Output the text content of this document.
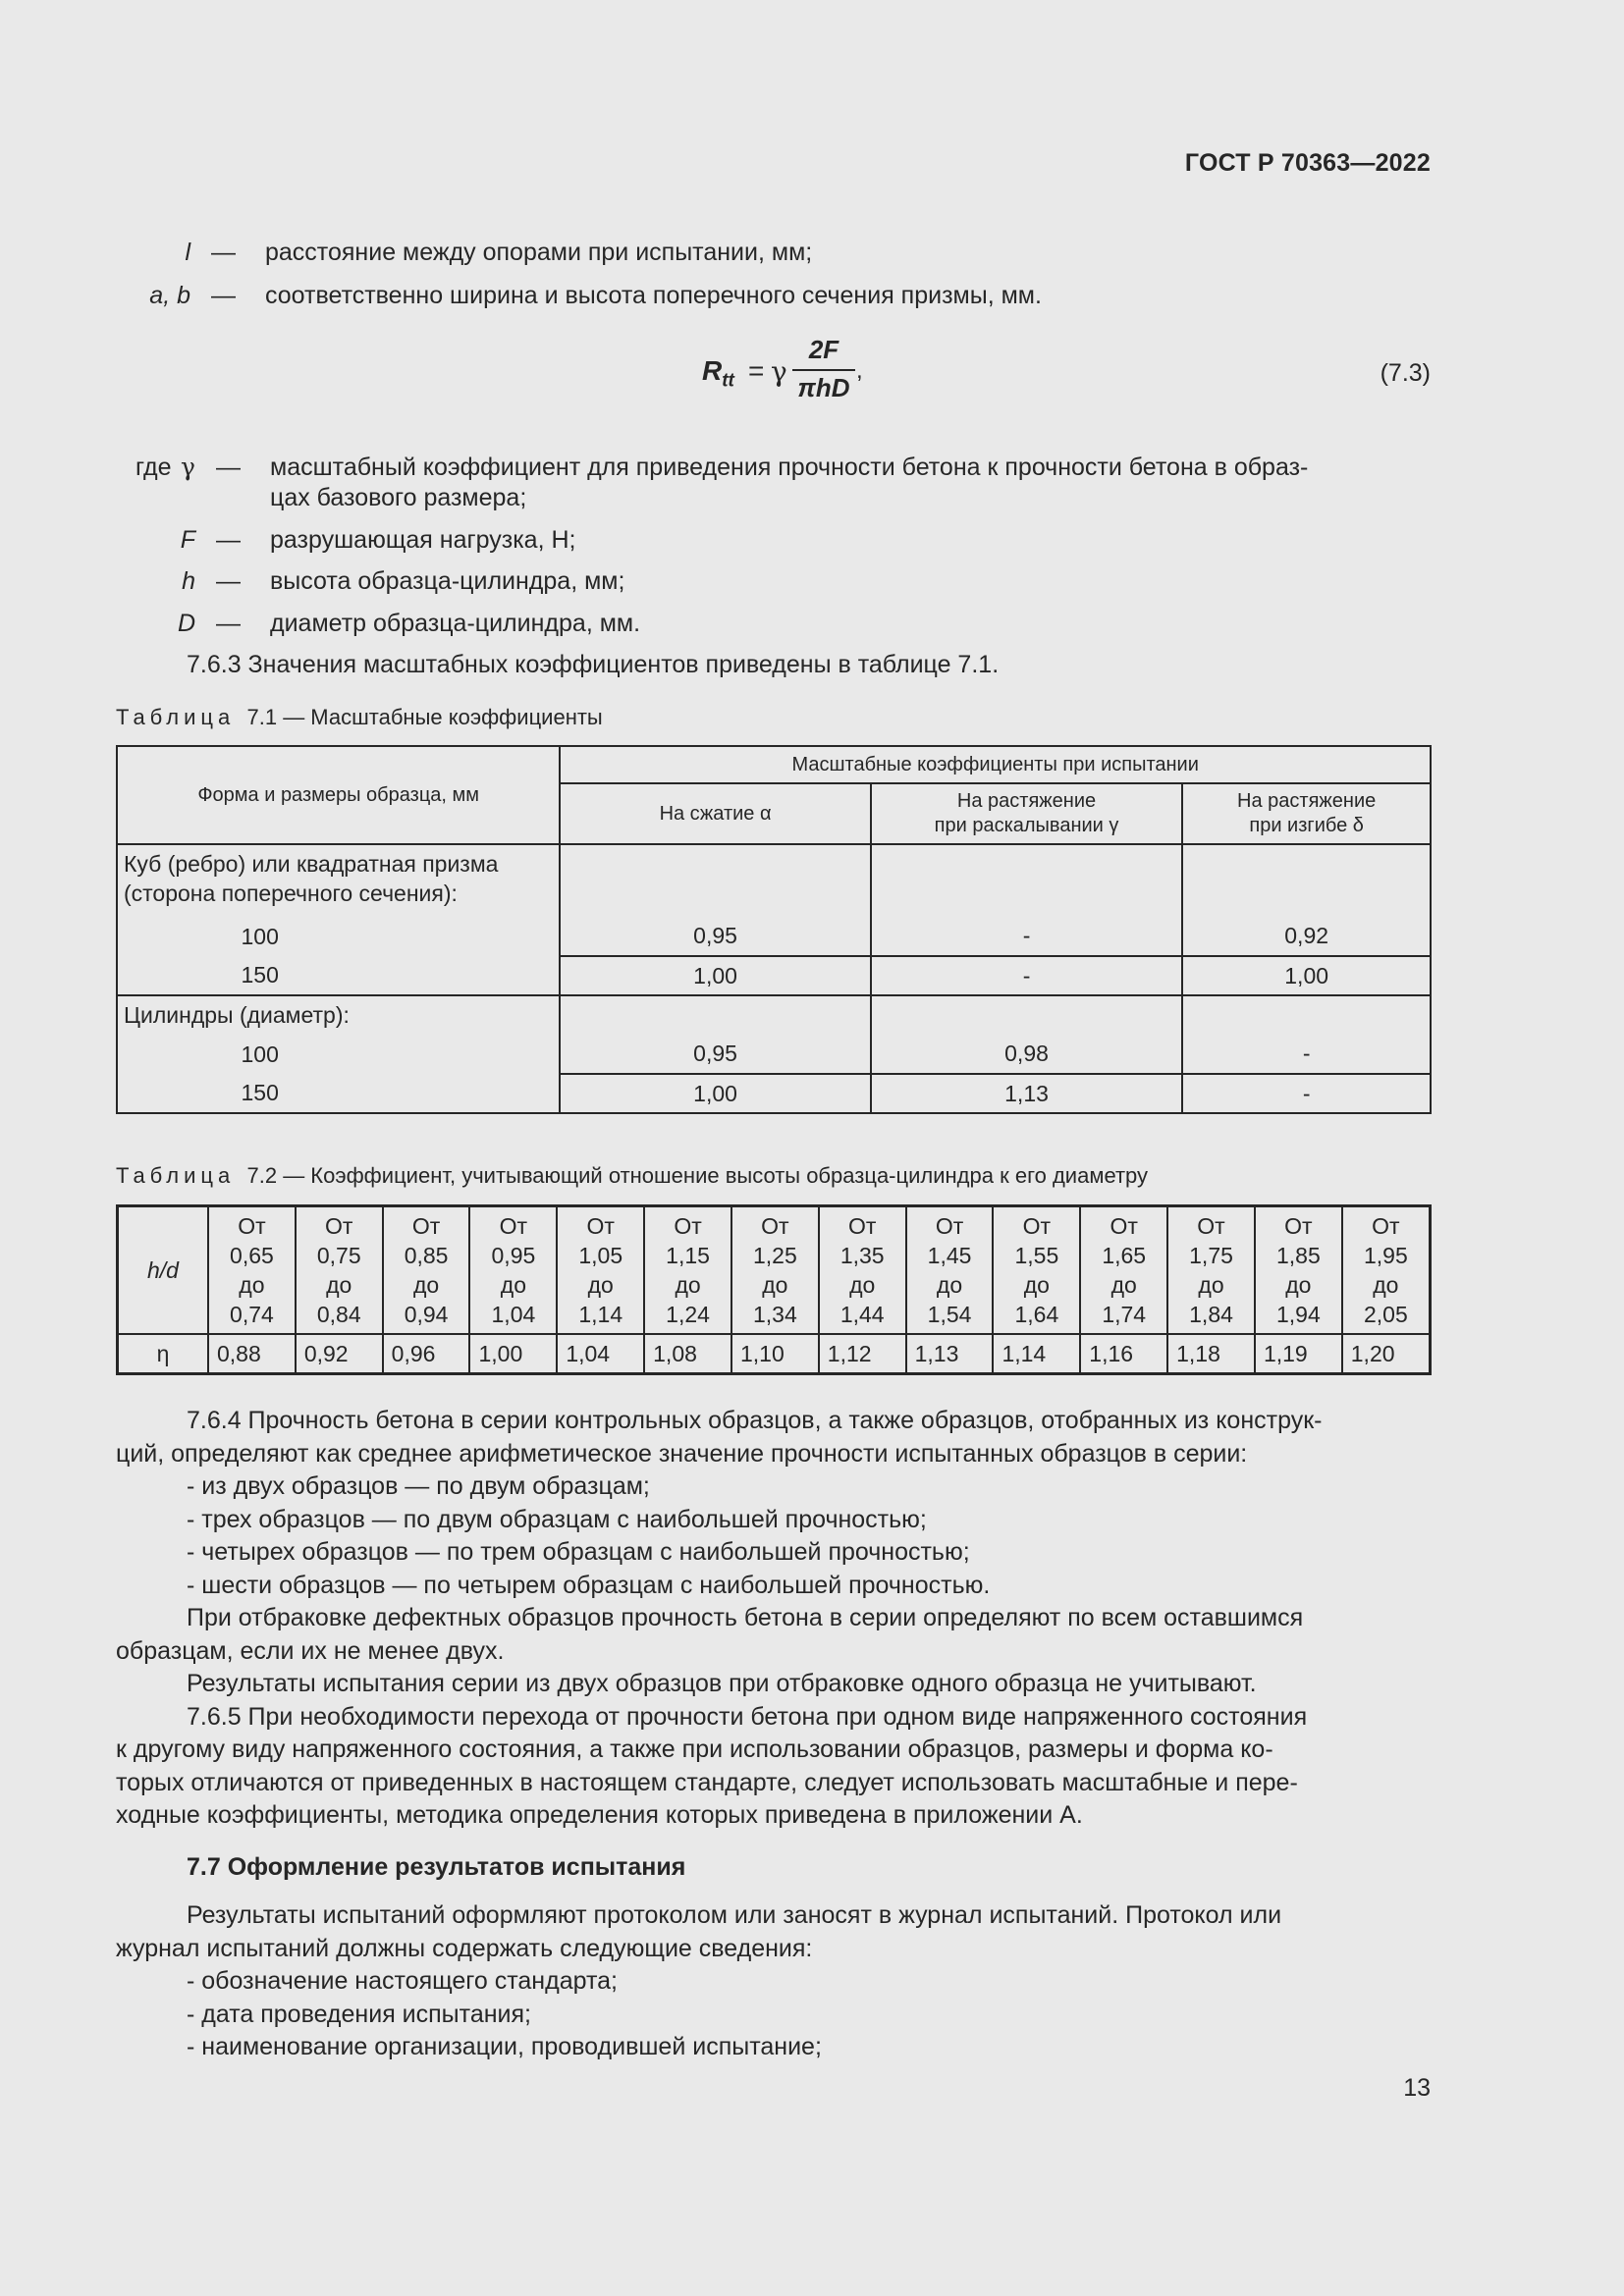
ГОСТ Р 70363—2022
l — расстояние между опорами при испытании, мм;
a, b — соответственно ширина и высота поперечного сечения призмы, мм.
$R_{tt} = \gamma$
2F
πhD
,	(7.3)
где γ — масштабный коэффициент для приведения прочности бетона к прочности бетона в образ-
цах базового размера;
F — разрушающая нагрузка, Н;
h — высота образца-цилиндра, мм;
D — диаметр образца-цилиндра, мм.
7.6.3 Значения масштабных коэффициентов приведены в таблице 7.1.
Таблица 7.1 — Масштабные коэффициенты
Форма и размеры образца, мм	Масштабные коэффициенты при испытании		
	На сжатие α	На растяжение
при раскалывании γ	На растяжение
при изгибе δ

Куб (ребро) или квадратная призма
(сторона поперечного сечения):			

100	0,95	-	0,92
150	1,00	-	1,00
Цилиндры (диаметр):			
100	0,95	0,98	-
150	1,00	1,13	-
Таблица 7.2 — Коэффициент, учитывающий отношение высоты образца-цилиндра к его диаметру
h/d	От
0,65
до
0,74	От
0,75
до
0,84	От
0,85
до
0,94	От
0,95
до
1,04	От
1,05
до
1,14	От
1,15
до
1,24	От
1,25
до
1,34	От
1,35
до
1,44	От
1,45
до
1,54	От
1,55
до
1,64	От
1,65
до
1,74	От
1,75
до
1,84	От
1,85
до
1,94	От
1,95
до
2,05

η	0,88	0,92	0,96	1,00	1,04	1,08	1,10	1,12	1,13	1,14	1,16	1,18	1,19	1,20
7.6.4 Прочность бетона в серии контрольных образцов, а также образцов, отобранных из конструк-
ций, определяют как среднее арифметическое значение прочности испытанных образцов в серии:
- из двух образцов — по двум образцам;
- трех образцов — по двум образцам с наибольшей прочностью;
- четырех образцов — по трем образцам с наибольшей прочностью;
- шести образцов — по четырем образцам с наибольшей прочностью.
При отбраковке дефектных образцов прочность бетона в серии определяют по всем оставшимся
образцам, если их не менее двух.
Результаты испытания серии из двух образцов при отбраковке одного образца не учитывают.
7.6.5 При необходимости перехода от прочности бетона при одном виде напряженного состояния
к другому виду напряженного состояния, а также при использовании образцов, размеры и форма ко-
торых отличаются от приведенных в настоящем стандарте, следует использовать масштабные и пере-
ходные коэффициенты, методика определения которых приведена в приложении А.
7.7 Оформление результатов испытания
Результаты испытаний оформляют протоколом или заносят в журнал испытаний. Протокол или
журнал испытаний должны содержать следующие сведения:
- обозначение настоящего стандарта;
- дата проведения испытания;
- наименование организации, проводившей испытание;
13
